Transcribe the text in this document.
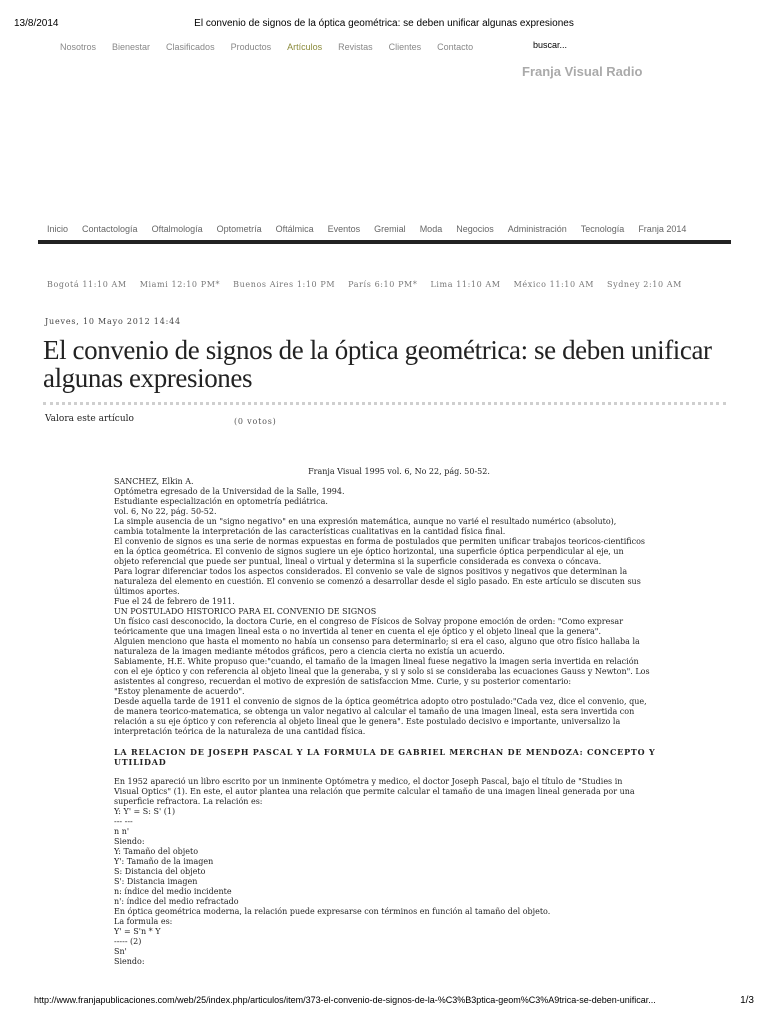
13/8/2014	El convenio de signos de la óptica geométrica: se deben unificar algunas expresiones
Nosotros	Bienestar	Clasificados	Productos	Artículos	Revistas	Clientes	Contacto	buscar...
Franja Visual Radio
Inicio	Contactología	Oftalmología	Optometría	Oftálmica	Eventos	Gremial	Moda	Negocios	Administración	Tecnología	Franja 2014
Bogotá 11:10 AM Miami 12:10 PM* Buenos Aires 1:10 PM París 6:10 PM* Lima 11:10 AM México 11:10 AM Sydney 2:10 AM
Jueves, 10 Mayo 2012 14:44
El convenio de signos de la óptica geométrica: se deben unificar algunas expresiones
Valora este artículo	(0 votos)
Franja Visual 1995 vol. 6, No 22, pág. 50-52.
SANCHEZ, Elkin A.
Optómetra egresado de la Universidad de la Salle, 1994.
Estudiante especialización en optometría pediátrica.
vol. 6, No 22, pág. 50-52.
La simple ausencia de un "signo negativo" en una expresión matemática, aunque no varié el resultado numérico (absoluto),
cambia totalmente la interpretación de las características cualitativas en la cantidad física final.
El convenio de signos es una serie de normas expuestas en forma de postulados que permiten unificar trabajos teoricos-cientificos
en la óptica geométrica. El convenio de signos sugiere un eje óptico horizontal, una superficie óptica perpendicular al eje, un
objeto referencial que puede ser puntual, lineal o virtual y determina si la superficie considerada es convexa o cóncava.
Para lograr diferenciar todos los aspectos considerados. El convenio se vale de signos positivos y negativos que determinan la
naturaleza del elemento en cuestión. El convenio se comenzó a desarrollar desde el siglo pasado. En este artículo se discuten sus
últimos aportes.
Fue el 24 de febrero de 1911.
UN POSTULADO HISTORICO PARA EL CONVENIO DE SIGNOS
Un físico casi desconocido, la doctora Curie, en el congreso de Físicos de Solvay propone emoción de orden: "Como expresar
teóricamente que una imagen lineal esta o no invertida al tener en cuenta el eje óptico y el objeto lineal que la genera".
Alguien menciono que hasta el momento no había un consenso para determinarlo; si era el caso, alguno que otro físico hallaba la
naturaleza de la imagen mediante métodos gráficos, pero a ciencia cierta no existía un acuerdo.
Sabiamente, H.E. White propuso que:"cuando, el tamaño de la imagen lineal fuese negativo la imagen seria invertida en relación
con el eje óptico y con referencia al objeto lineal que la generaba, y si y solo si se consideraba las ecuaciones Gauss y Newton". Los
asistentes al congreso, recuerdan el motivo de expresión de satisfaccion Mme. Curie, y su posterior comentario:
"Estoy plenamente de acuerdo".
Desde aquella tarde de 1911 el convenio de signos de la óptica geométrica adopto otro postulado:"Cada vez, dice el convenio, que,
de manera teorico-matematica, se obtenga un valor negativo al calcular el tamaño de una imagen lineal, esta sera invertida con
relación a su eje óptico y con referencia al objeto lineal que le genera". Este postulado decisivo e importante, universalizo la
interpretación teórica de la naturaleza de una cantidad física.
LA RELACION DE JOSEPH PASCAL Y LA FORMULA DE GABRIEL MERCHAN DE MENDOZA: CONCEPTO Y
UTILIDAD
En 1952 apareció un libro escrito por un inminente Optómetra y medico, el doctor Joseph Pascal, bajo el título de "Studies in
Visual Optics" (1). En este, el autor plantea una relación que permite calcular el tamaño de una imagen lineal generada por una
superficie refractora. La relación es:
Y: Y' = S: S' (1)
--- ---
n n'
Siendo:
Y: Tamaño del objeto
Y': Tamaño de la imagen
S: Distancia del objeto
S': Distancia imagen
n: índice del medio incidente
n': índice del medio refractado
En óptica geométrica moderna, la relación puede expresarse con términos en función al tamaño del objeto.
La formula es:
Y' = S'n * Y
----- (2)
Sn'
Siendo:
http://www.franjapublicaciones.com/web/25/index.php/articulos/item/373-el-convenio-de-signos-de-la-%C3%B3ptica-geom%C3%A9trica-se-deben-unificar...	1/3
